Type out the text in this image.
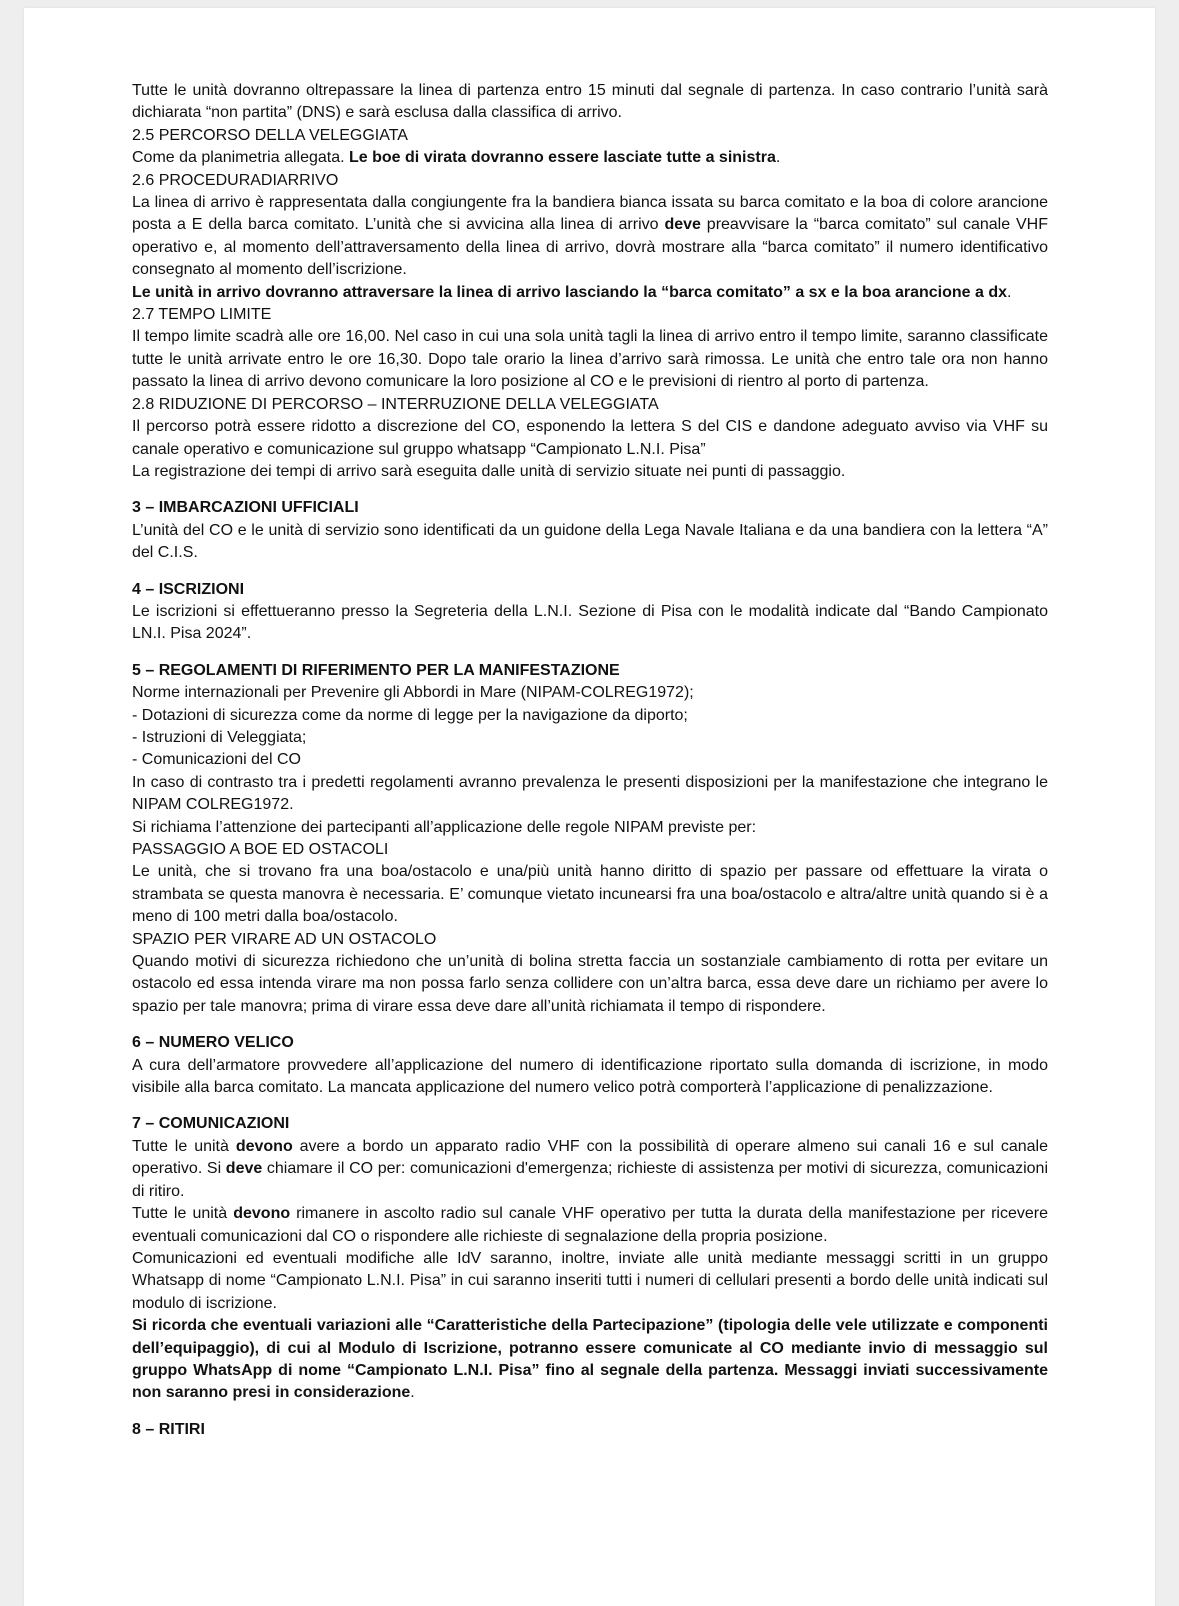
Tutte le unità dovranno oltrepassare la linea di partenza entro 15 minuti dal segnale di partenza. In caso contrario l’unità sarà dichiarata “non partita” (DNS) e sarà esclusa dalla classifica di arrivo.

2.5 PERCORSO DELLA VELEGGIATA

Come da planimetria allegata. Le boe di virata dovranno essere lasciate tutte a sinistra.

2.6 PROCEDURADIARRIVO

La linea di arrivo è rappresentata dalla congiungente fra la bandiera bianca issata su barca comitato e la boa di colore arancione posta a E della barca comitato. L’unità che si avvicina alla linea di arrivo deve preavvisare la “barca comitato” sul canale VHF operativo e, al momento dell’attraversamento della linea di arrivo, dovrà mostrare alla “barca comitato” il numero identificativo consegnato al momento dell’iscrizione.

Le unità in arrivo dovranno attraversare la linea di arrivo lasciando la “barca comitato” a sx e la boa arancione a dx.

2.7 TEMPO LIMITE

Il tempo limite scadrà alle ore 16,00. Nel caso in cui una sola unità tagli la linea di arrivo entro il tempo limite, saranno classificate tutte le unità arrivate entro le ore 16,30. Dopo tale orario la linea d’arrivo sarà rimossa. Le unità che entro tale ora non hanno passato la linea di arrivo devono comunicare la loro posizione al CO e le previsioni di rientro al porto di partenza.

2.8 RIDUZIONE DI PERCORSO – INTERRUZIONE DELLA VELEGGIATA

Il percorso potrà essere ridotto a discrezione del CO, esponendo la lettera S del CIS e dandone adeguato avviso via VHF su canale operativo e comunicazione sul gruppo whatsapp “Campionato L.N.I. Pisa”

La registrazione dei tempi di arrivo sarà eseguita dalle unità di servizio situate nei punti di passaggio.

3 – IMBARCAZIONI UFFICIALI

L’unità del CO e le unità di servizio sono identificati da un guidone della Lega Navale Italiana e da una bandiera con la lettera “A” del C.I.S.

4 – ISCRIZIONI

Le iscrizioni si effettueranno presso la Segreteria della L.N.I. Sezione di Pisa con le modalità indicate dal “Bando Campionato LN.I. Pisa 2024”.

5 – REGOLAMENTI DI RIFERIMENTO PER LA MANIFESTAZIONE

Norme internazionali per Prevenire gli Abbordi in Mare (NIPAM-COLREG1972);

- Dotazioni di sicurezza come da norme di legge per la navigazione da diporto;

- Istruzioni di Veleggiata;

- Comunicazioni del CO

In caso di contrasto tra i predetti regolamenti avranno prevalenza le presenti disposizioni per la manifestazione che integrano le NIPAM COLREG1972.

Si richiama l’attenzione dei partecipanti all’applicazione delle regole NIPAM previste per:

PASSAGGIO A BOE ED OSTACOLI

Le unità, che si trovano fra una boa/ostacolo e una/più unità hanno diritto di spazio per passare od effettuare la virata o strambata se questa manovra è necessaria. E’ comunque vietato incunearsi fra una boa/ostacolo e altra/altre unità quando si è a meno di 100 metri dalla boa/ostacolo.

SPAZIO PER VIRARE AD UN OSTACOLO

Quando motivi di sicurezza richiedono che un’unità di bolina stretta faccia un sostanziale cambiamento di rotta per evitare un ostacolo ed essa intenda virare ma non possa farlo senza collidere con un’altra barca, essa deve dare un richiamo per avere lo spazio per tale manovra; prima di virare essa deve dare all’unità richiamata il tempo di rispondere.

6 – NUMERO VELICO

A cura dell’armatore provvedere all’applicazione del numero di identificazione riportato sulla domanda di iscrizione, in modo visibile alla barca comitato. La mancata applicazione del numero velico potrà comporterà l’applicazione di penalizzazione.

7 – COMUNICAZIONI

Tutte le unità devono avere a bordo un apparato radio VHF con la possibilità di operare almeno sui canali 16 e sul canale operativo. Si deve chiamare il CO per: comunicazioni d'emergenza; richieste di assistenza per motivi di sicurezza, comunicazioni di ritiro.

Tutte le unità devono rimanere in ascolto radio sul canale VHF operativo per tutta la durata della manifestazione per ricevere eventuali comunicazioni dal CO o rispondere alle richieste di segnalazione della propria posizione.

Comunicazioni ed eventuali modifiche alle IdV saranno, inoltre, inviate alle unità mediante messaggi scritti in un gruppo Whatsapp di nome “Campionato L.N.I. Pisa” in cui saranno inseriti tutti i numeri di cellulari presenti a bordo delle unità indicati sul modulo di iscrizione.

Si ricorda che eventuali variazioni alle “Caratteristiche della Partecipazione” (tipologia delle vele utilizzate e componenti dell’equipaggio), di cui al Modulo di Iscrizione, potranno essere comunicate al CO mediante invio di messaggio sul gruppo WhatsApp di nome “Campionato L.N.I. Pisa” fino al segnale della partenza. Messaggi inviati successivamente non saranno presi in considerazione.

8 – RITIRI
